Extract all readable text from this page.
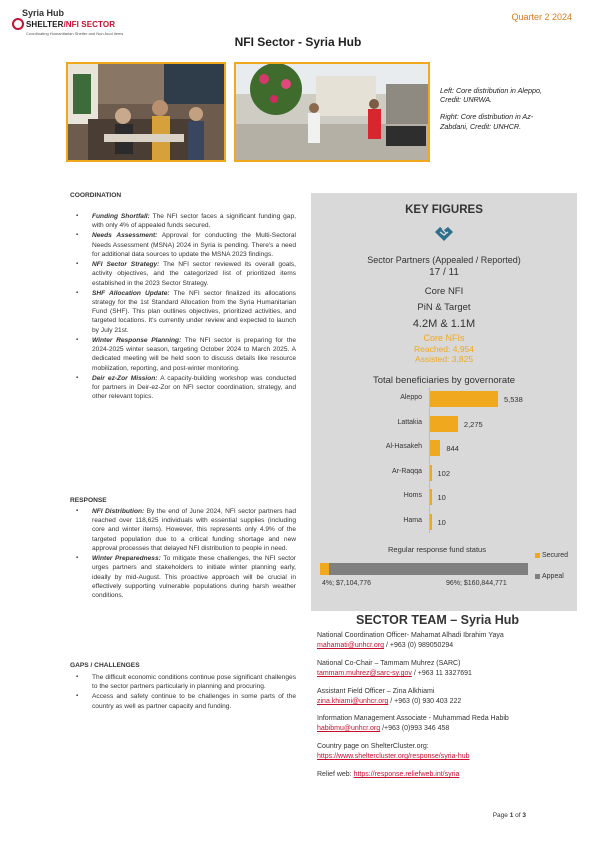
Syria Hub
SHELTER/NFI SECTOR
Coordinating Humanitarian Shelter and Non-food items
Quarter 2 2024
NFI Sector - Syria Hub

Left: Core distribution in Aleppo, Credit: UNRWA.

Right: Core distribution in Az- Zabdani, Credit: UNHCR.

COORDINATION
▪ Funding Shortfall: The NFI sector faces a significant funding gap, with only 4% of appealed funds secured.
▪ Needs Assessment: Approval for conducting the Multi-Sectoral Needs Assessment (MSNA) 2024 in Syria is pending. There's a need for additional data sources to update the MSNA 2023 findings.
▪ NFI Sector Strategy: The NFI sector reviewed its overall goals, activity objectives, and the categorized list of prioritized items established in the 2023 Sector Strategy.
▪ SHF Allocation Update: The NFI sector finalized its allocations strategy for the 1st Standard Allocation from the Syria Humanitarian Fund (SHF). This plan outlines objectives, prioritized activities, and targeted locations. It's currently under review and expected to launch by July 21st.
▪ Winter Response Planning: The NFI sector is preparing for the 2024-2025 winter season, targeting October 2024 to March 2025. A dedicated meeting will be held soon to discuss details like resource mobilization, reporting, and post-winter monitoring.
▪ Deir ez-Zor Mission: A capacity-building workshop was conducted for partners in Deir-ez-Zor on NFI sector coordination, strategy, and other relevant topics.
RESPONSE
▪ NFI Distribution: By the end of June 2024, NFI sector partners had reached over 118,625 individuals with essential supplies (including core and winter items). However, this represents only 4.9% of the targeted population due to a critical funding shortage and new approval processes that delayed NFI distribution to people in need.
▪ Winter Preparedness: To mitigate these challenges, the NFI sector urges partners and stakeholders to initiate winter planning early, ideally by mid-August. This proactive approach will be crucial in effectively supporting vulnerable populations during harsh weather conditions.
GAPS / CHALLENGES
▪ The difficult economic conditions continue pose significant challenges to the sector partners particularly in planning and procuring.
▪ Access and safety continue to be challenges in some parts of the country as well as partner capacity and funding.
KEY FIGURES
Sector Partners (Appealed / Reported)
17 / 11
Core NFI
PiN & Target
4.2M & 1.1M
Core NFIs
Reached: 4,954
Assisted: 3,825
Total beneficiaries by governorate
Aleppo	5,538
Lattakia	2,275
Al-Hasakeh	844
Ar-Raqqa 102
Homs 10
Hama 10
Regular response fund status
4%; $7,104,776	96%; $160,844,771
Secured
Appeal
SECTOR TEAM – Syria Hub
National Coordination Officer- Mahamat Alhadi Ibrahim Yaya
mahamati@unhcr.org / +963 (0) 989050294
National Co-Chair – Tammam Muhrez (SARC)
tammam.muhrez@sarc-sy.gov / +963 11 3327691
Assistant Field Officer – Zina Alkhiami
zina.khiami@unhcr.org / +963 (0) 930 403 222
Information Management Associate - Muhammad Reda Habib
habibmu@unhcr.org /+963 (0)993 346 458
Country page on ShelterCluster.org:
https://www.sheltercluster.org/response/syria-hub
Relief web: https://response.reliefweb.int/syria
Page 1 of 3
